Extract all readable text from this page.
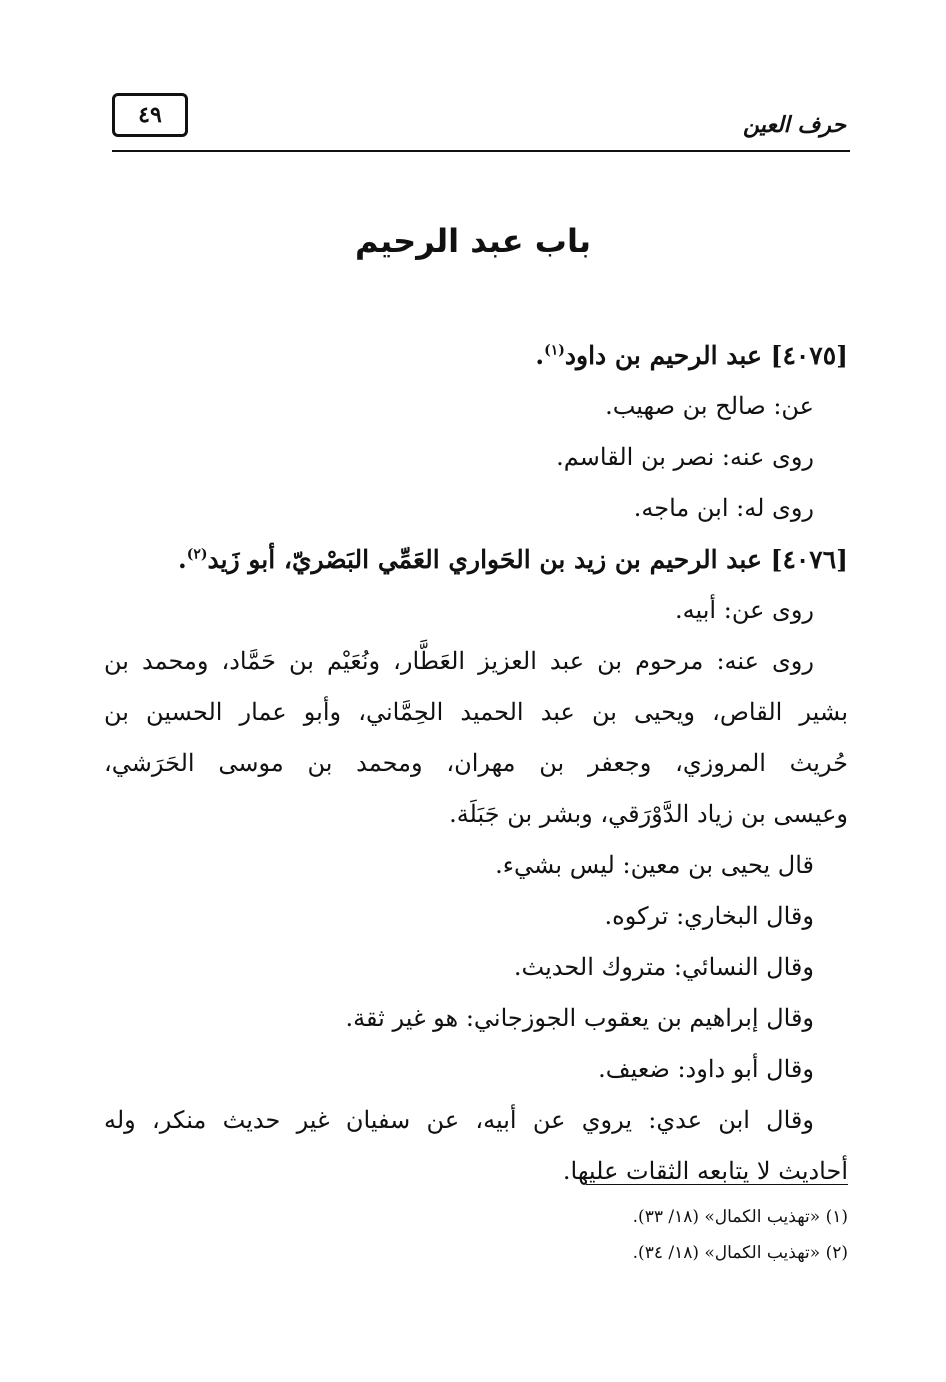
٤٩	حرف العين
باب عبد الرحيم

[٤٠٧٥] عبد الرحيم بن داود$^{(١)}$.

عن: صالح بن صهيب.

روى عنه: نصر بن القاسم.

روى له: ابن ماجه.

[٤٠٧٦] عبد الرحيم بن زيد بن الحَواري العَمِّي البَصْريّ، أبو زَيد$^{(٢)}$.

روى عن: أبيه.

روى عنه: مرحوم بن عبد العزيز العَطَّار، ونُعَيْم بن حَمَّاد، ومحمد بن

بشير القاص، ويحيى بن عبد الحميد الحِمَّاني، وأبو عمار الحسين بن

حُريث المروزي، وجعفر بن مهران، ومحمد بن موسى الحَرَشي،

وعيسى بن زياد الدَّوْرَقي، وبشر بن جَبَلَة.

قال يحيى بن معين: ليس بشيء.

وقال البخاري: تركوه.

وقال النسائي: متروك الحديث.

وقال إبراهيم بن يعقوب الجوزجاني: هو غير ثقة.

وقال أبو داود: ضعيف.

وقال ابن عدي: يروي عن أبيه، عن سفيان غير حديث منكر، وله

أحاديث لا يتابعه الثقات عليها.

(١) «تهذيب الكمال» (١٨/ ٣٣).

(٢) «تهذيب الكمال» (١٨/ ٣٤).
